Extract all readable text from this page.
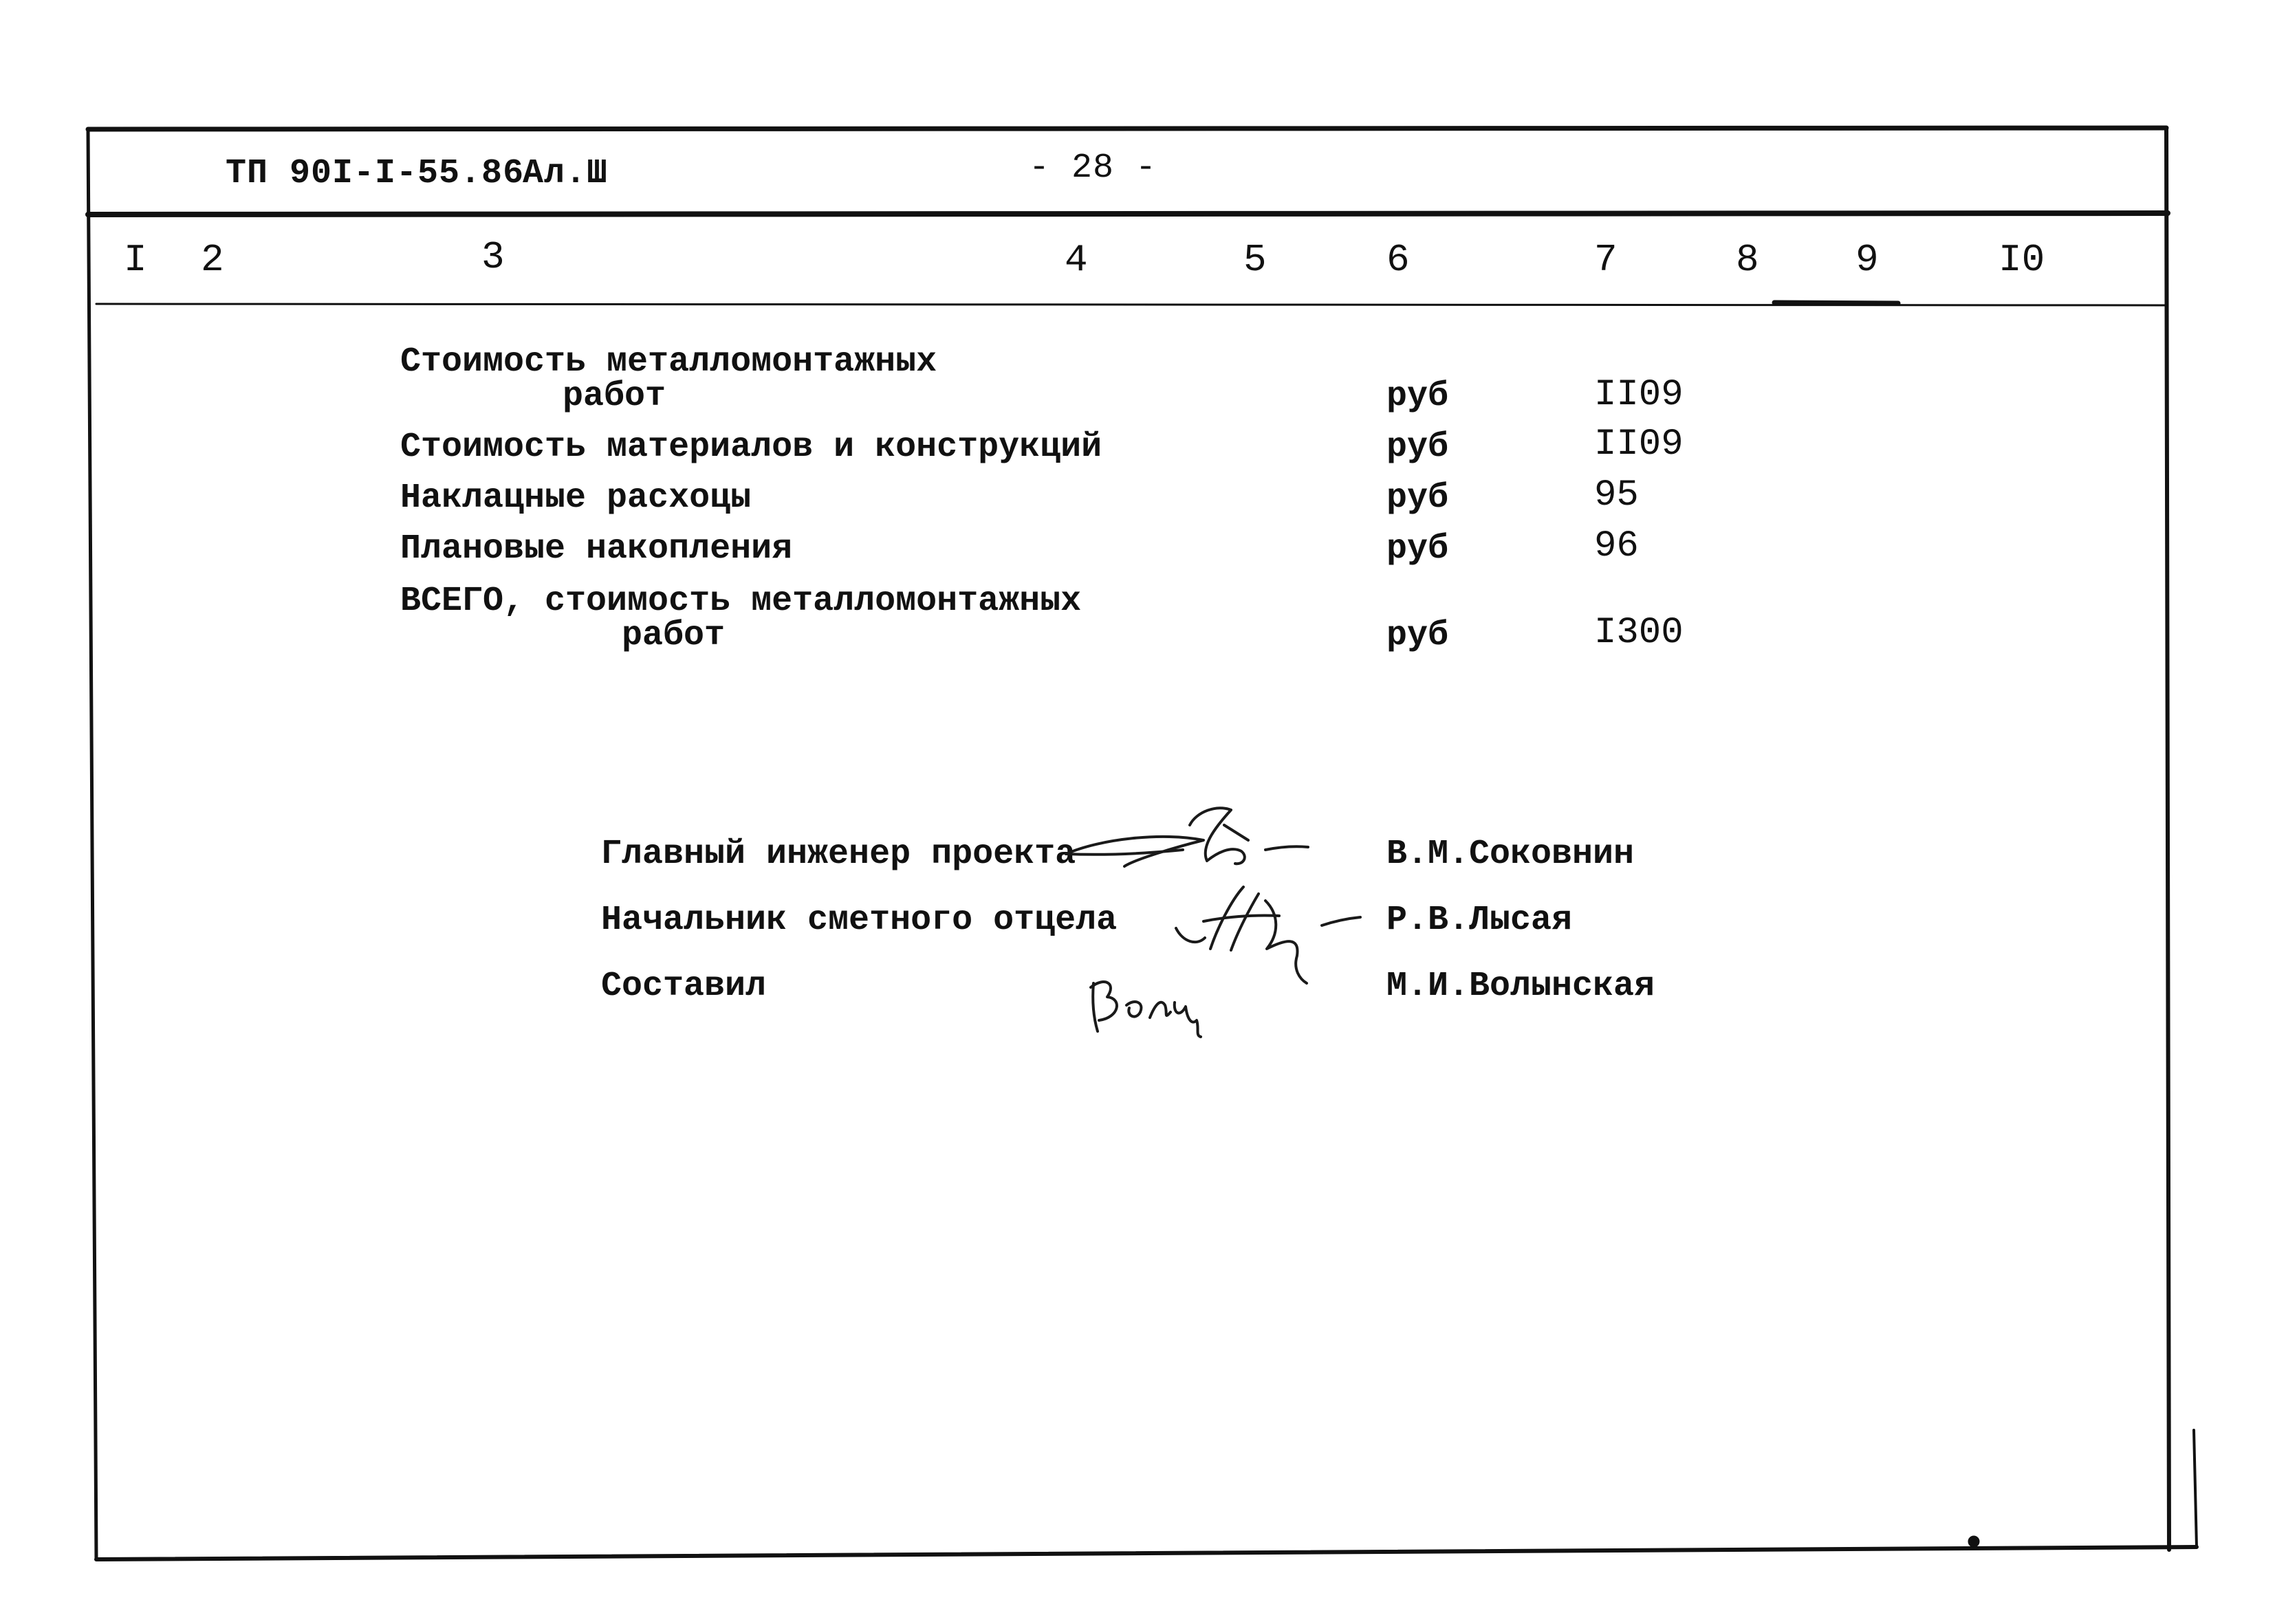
ТП 90I-I-55.86
Ал.Ш	- 28 -
I 2	3	4	5	6	7	8	9	I0
Стоимость металломонтажных
работ	руб	II09
Стоимость материалов и конструкций	руб	II09
Наклацные расхоцы	руб	95
Плановые накопления	руб	96
ВСЕГО, стоимость металломонтажных
работ	руб	I300
Главный инженер проекта	В.М.Соковнин
Начальник сметного отцела	Р.В.Лысая
Составил	М.И.Волынская
